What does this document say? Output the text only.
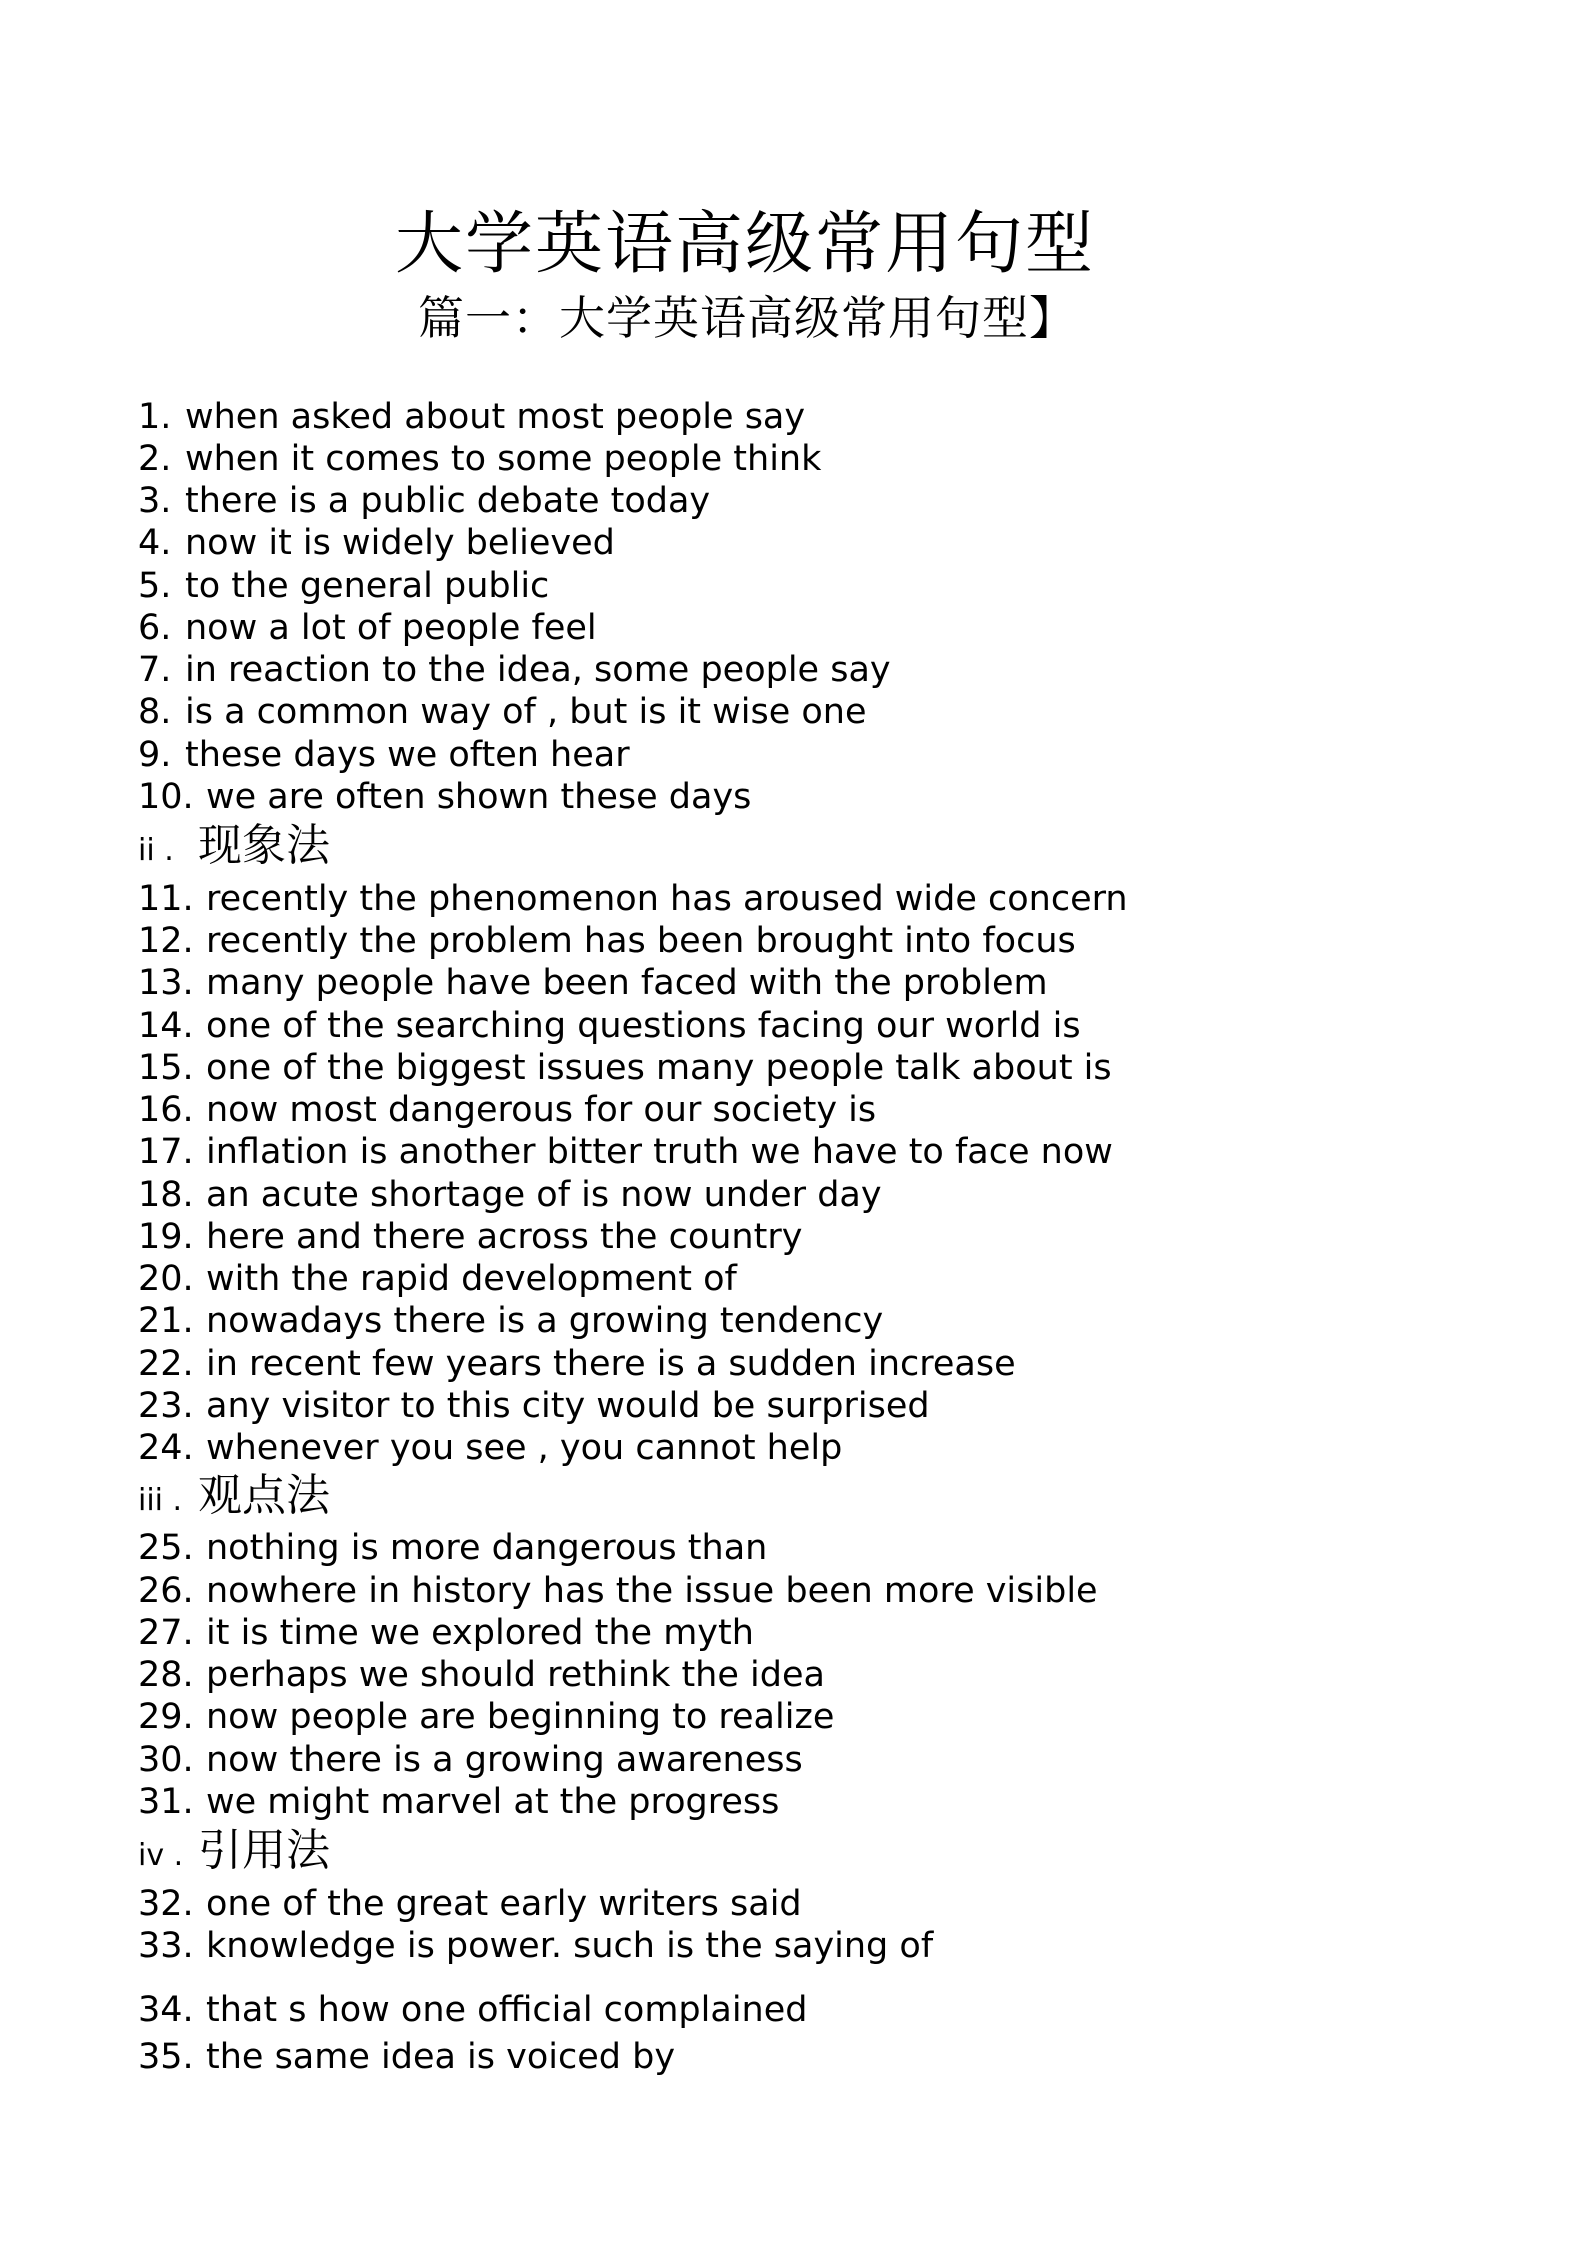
大学英语高级常用句型
篇一：大学英语高级常用句型】
1. when asked about most people say
2. when it comes to some people think
3. there is a public debate today
4. now it is widely believed
5. to the general public
6. now a lot of people feel
7. in reaction to the idea, some people say
8. is a common way of , but is it wise one
9. these days we often hear
10. we are often shown these days
ii . 现象法
11. recently the phenomenon has aroused wide concern
12. recently the problem has been brought into focus
13. many people have been faced with the problem
14. one of the searching questions facing our world is
15. one of the biggest issues many people talk about is
16. now most dangerous for our society is
17. inflation is another bitter truth we have to face now
18. an acute shortage of is now under day
19. here and there across the country
20. with the rapid development of
21. nowadays there is a growing tendency
22. in recent few years there is a sudden increase
23. any visitor to this city would be surprised
24. whenever you see , you cannot help
iii . 观点法
25. nothing is more dangerous than
26. nowhere in history has the issue been more visible
27. it is time we explored the myth
28. perhaps we should rethink the idea
29. now people are beginning to realize
30. now there is a growing awareness
31. we might marvel at the progress
iv . 引用法
32. one of the great early writers said
33. knowledge is power. such is the saying of
34. that s how one official complained
35. the same idea is voiced by
